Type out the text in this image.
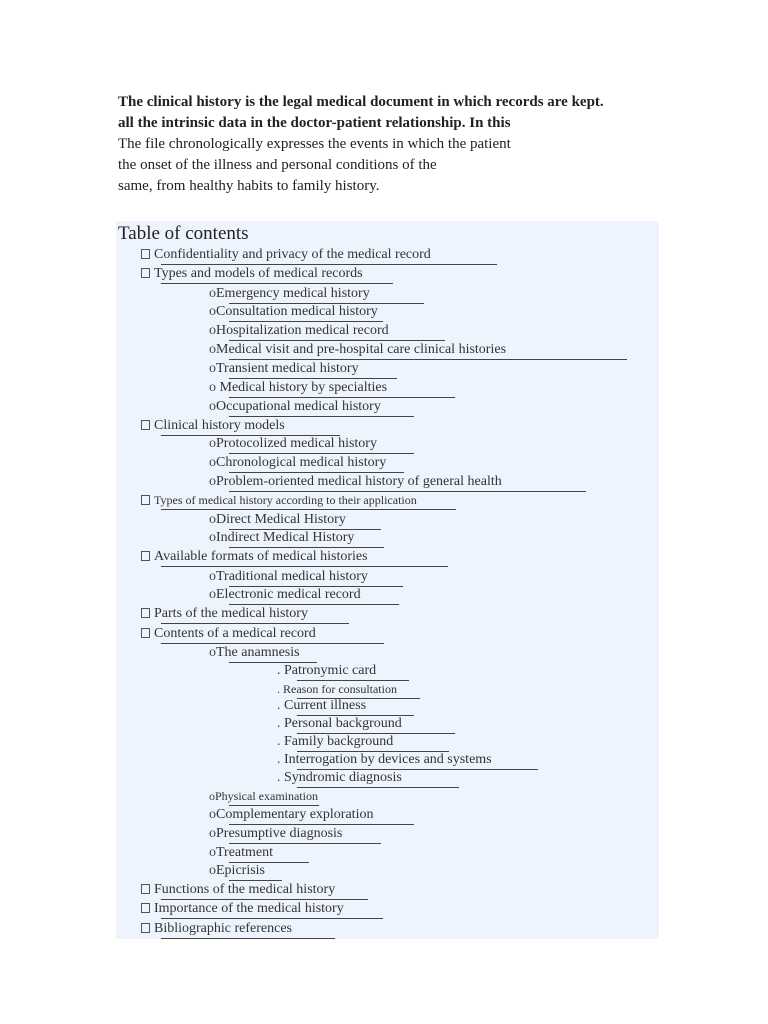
The clinical history is the legal medical document in which records are kept.

all the intrinsic data in the doctor-patient relationship. In this

The file chronologically expresses the events in which the patient

the onset of the illness and personal conditions of the

same, from healthy habits to family history.

Table of contents
Confidentiality and privacy of the medical record
Types and models of medical records
oEmergency medical history
oConsultation medical history
oHospitalization medical record
oMedical visit and pre-hospital care clinical histories
oTransient medical history
o Medical history by specialties
oOccupational medical history
Clinical history models
oProtocolized medical history
oChronological medical history
oProblem-oriented medical history of general health
Types of medical history according to their application
oDirect Medical History
oIndirect Medical History
Available formats of medical histories
oTraditional medical history
oElectronic medical record
Parts of the medical history
Contents of a medical record
oThe anamnesis
. Patronymic card
. Reason for consultation
. Current illness
. Personal background
. Family background
. Interrogation by devices and systems
. Syndromic diagnosis
oPhysical examination
oComplementary exploration
oPresumptive diagnosis
oTreatment
oEpicrisis
Functions of the medical history
Importance of the medical history
Bibliographic references
